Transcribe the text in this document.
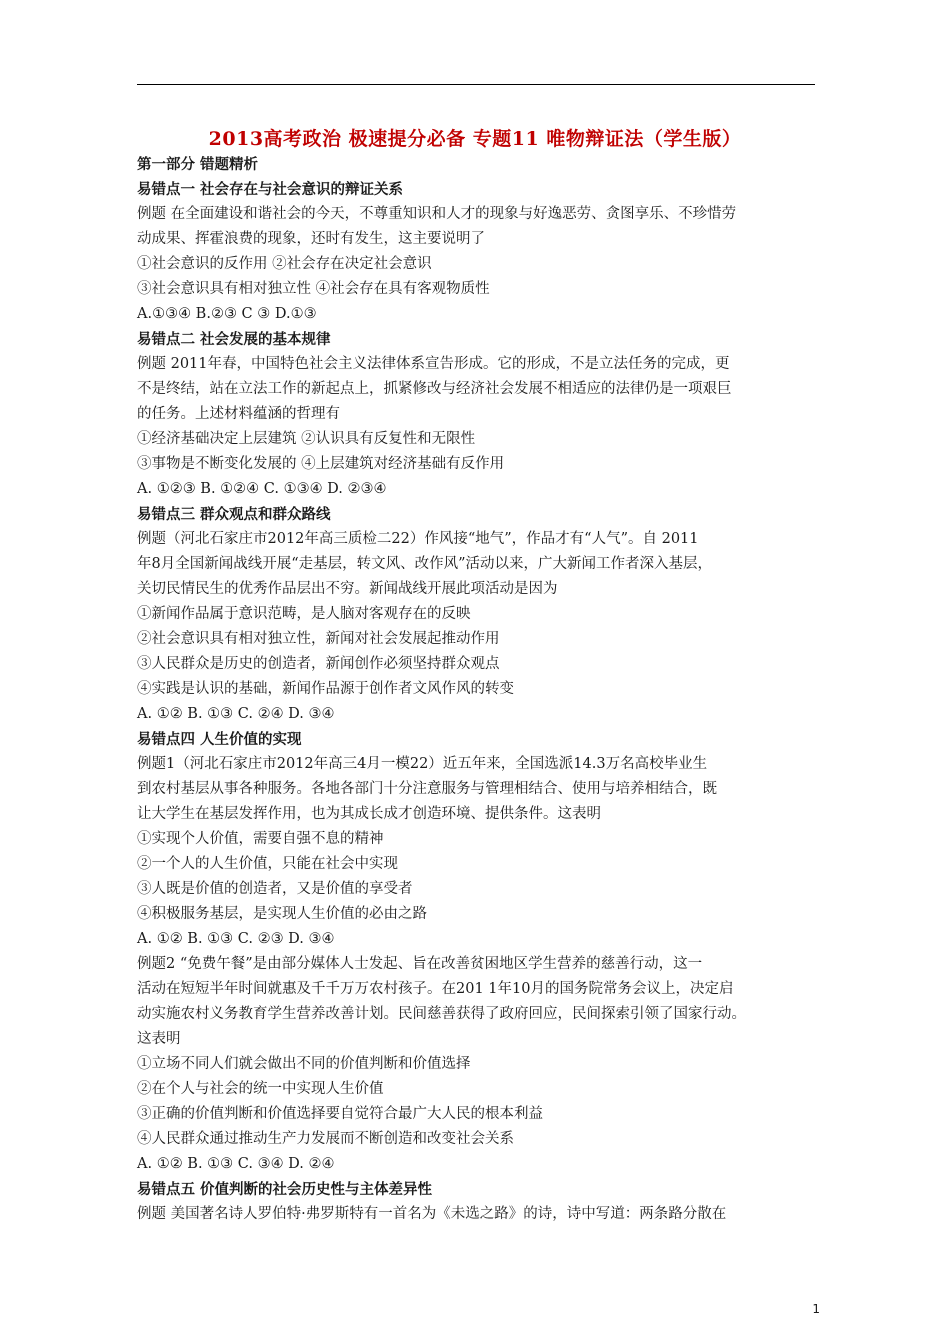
2013高考政治 极速提分必备 专题11 唯物辩证法（学生版）
第一部分 错题精析
易错点一 社会存在与社会意识的辩证关系
例题 在全面建设和谐社会的今天，不尊重知识和人才的现象与好逸恶劳、贪图享乐、不珍惜劳
动成果、挥霍浪费的现象，还时有发生，这主要说明了
①社会意识的反作用 ②社会存在决定社会意识
③社会意识具有相对独立性 ④社会存在具有客观物质性
A.①③④ B.②③ C ③ D.①③
易错点二 社会发展的基本规律
例题 2011年春，中国特色社会主义法律体系宣告形成。它的形成，不是立法任务的完成，更
不是终结，站在立法工作的新起点上，抓紧修改与经济社会发展不相适应的法律仍是一项艰巨
的任务。上述材料蕴涵的哲理有
①经济基础决定上层建筑 ②认识具有反复性和无限性
③事物是不断变化发展的 ④上层建筑对经济基础有反作用
A. ①②③ B. ①②④ C. ①③④ D. ②③④
易错点三 群众观点和群众路线
例题（河北石家庄市2012年高三质检二22）作风接“地气”，作品才有“人气”。自 2011
年8月全国新闻战线开展“走基层，转文风、改作风”活动以来，广大新闻工作者深入基层，
关切民情民生的优秀作品层出不穷。新闻战线开展此项活动是因为
①新闻作品属于意识范畴，是人脑对客观存在的反映
②社会意识具有相对独立性，新闻对社会发展起推动作用
③人民群众是历史的创造者，新闻创作必须坚持群众观点
④实践是认识的基础，新闻作品源于创作者文风作风的转变
A. ①② B. ①③ C. ②④ D. ③④
易错点四 人生价值的实现
例题1（河北石家庄市2012年高三4月一模22）近五年来，全国选派14.3万名高校毕业生
到农村基层从事各种服务。各地各部门十分注意服务与管理相结合、使用与培养相结合，既
让大学生在基层发挥作用，也为其成长成才创造环境、提供条件。这表明
①实现个人价值，需要自强不息的精神
②一个人的人生价值，只能在社会中实现
③人既是价值的创造者，又是价值的享受者
④积极服务基层，是实现人生价值的必由之路
A. ①② B. ①③ C. ②③ D. ③④
例题2 “免费午餐”是由部分媒体人士发起、旨在改善贫困地区学生营养的慈善行动，这一
活动在短短半年时间就惠及千千万万农村孩子。在201 1年10月的国务院常务会议上，决定启
动实施农村义务教育学生营养改善计划。民间慈善获得了政府回应，民间探索引领了国家行动。
这表明
①立场不同人们就会做出不同的价值判断和价值选择
②在个人与社会的统一中实现人生价值
③正确的价值判断和价值选择要自觉符合最广大人民的根本利益
④人民群众通过推动生产力发展而不断创造和改变社会关系
A. ①② B. ①③ C. ③④ D. ②④
易错点五 价值判断的社会历史性与主体差异性
例题 美国著名诗人罗伯特·弗罗斯特有一首名为《未选之路》的诗，诗中写道：两条路分散在
1
